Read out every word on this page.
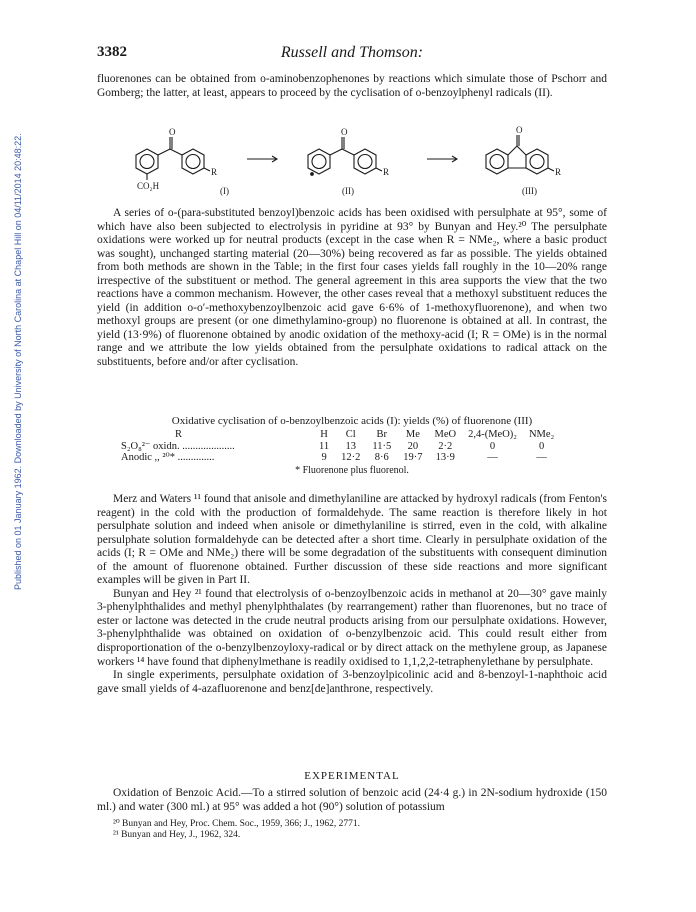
Published on 01 January 1962. Downloaded by University of North Carolina at Chapel Hill on 04/11/2014 20:48:22.
3382	Russell and Thomson:

fluorenones can be obtained from o-aminobenzophenones by reactions which simulate those of Pschorr and Gomberg; the latter, at least, appears to proceed by the cyclisation of o-benzoylphenyl radicals (II).

O
R
CO₂H
O
R
O
R
(I)	(II)	(III)

A series of o-(para-substituted benzoyl)benzoic acids has been oxidised with persulphate at 95°, some of which have also been subjected to electrolysis in pyridine at 93° by Bunyan and Hey.²⁰ The persulphate oxidations were worked up for neutral products (except in the case when R = NMe₂, where a basic product was sought), unchanged starting material (20—30%) being recovered as far as possible. The yields obtained from both methods are shown in the Table; in the first four cases yields fall roughly in the 10—20% range irrespective of the substituent or method. The general agreement in this area supports the view that the two reactions have a common mechanism. However, the other cases reveal that a methoxyl substituent reduces the yield (in addition o-o′-methoxybenzoylbenzoic acid gave 6·6% of 1-methoxyfluorenone), and when two methoxyl groups are present (or one dimethylamino-group) no fluorenone is obtained at all. In contrast, the yield (13·9%) of fluorenone obtained by anodic oxidation of the methoxy-acid (I; R = OMe) is in the normal range and we attribute the low yields obtained from the persulphate oxidations to radical attack on the substituents, before and/or after cyclisation.

Oxidative cyclisation of o-benzoylbenzoic acids (I): yields (%) of fluorenone (III)
R	H	Cl	Br	Me	MeO	2,4-(MeO)₂	NMe₂
S₂O₈²⁻ oxidn. ....................	11	13	11·5	20	2·2	0	0
Anodic ,, ²⁰* ..............	9	12·2	8·6	19·7	13·9	—	—
* Fluorenone plus fluorenol.

Merz and Waters ¹¹ found that anisole and dimethylaniline are attacked by hydroxyl radicals (from Fenton's reagent) in the cold with the production of formaldehyde. The same reaction is therefore likely in hot persulphate solution and indeed when anisole or dimethylaniline is stirred, even in the cold, with alkaline persulphate solution formaldehyde can be detected after a short time. Clearly in persulphate oxidation of the acids (I; R = OMe and NMe₂) there will be some degradation of the substituents with consequent diminution of the amount of fluorenone obtained. Further discussion of these side reactions and more significant examples will be given in Part II.

Bunyan and Hey ²¹ found that electrolysis of o-benzoylbenzoic acids in methanol at 20—30° gave mainly 3-phenylphthalides and methyl phenylphthalates (by rearrangement) rather than fluorenones, but no trace of ester or lactone was detected in the crude neutral products arising from our persulphate oxidations. However, 3-phenylphthalide was obtained on oxidation of o-benzylbenzoic acid. This could result either from disproportionation of the o-benzylbenzoyloxy-radical or by direct attack on the methylene group, as Japanese workers ¹⁴ have found that diphenylmethane is readily oxidised to 1,1,2,2-tetraphenylethane by persulphate.

In single experiments, persulphate oxidation of 3-benzoylpicolinic acid and 8-benzoyl-1-naphthoic acid gave small yields of 4-azafluorenone and benz[de]anthrone, respectively.

EXPERIMENTAL

Oxidation of Benzoic Acid.—To a stirred solution of benzoic acid (24·4 g.) in 2N-sodium hydroxide (150 ml.) and water (300 ml.) at 95° was added a hot (90°) solution of potassium

²⁰ Bunyan and Hey, Proc. Chem. Soc., 1959, 366; J., 1962, 2771.

²¹ Bunyan and Hey, J., 1962, 324.
